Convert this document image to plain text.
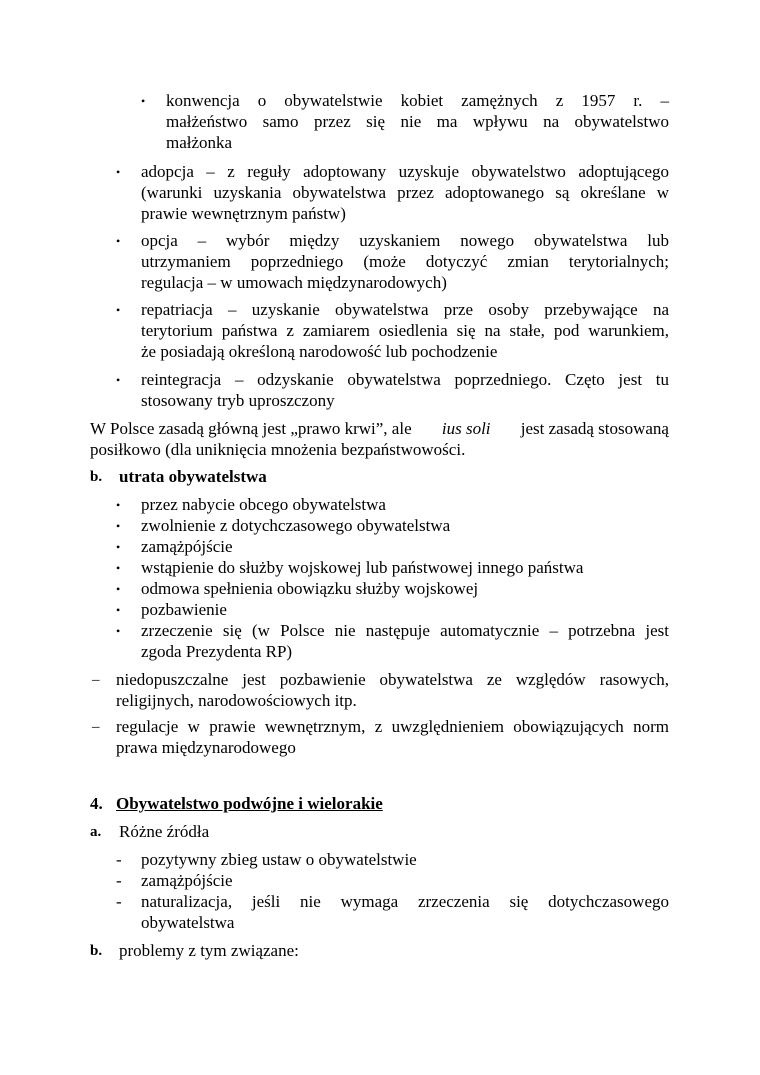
• konwencja o obywatelstwie kobiet zamężnych z 1957 r. –
małżeństwo samo przez się nie ma wpływu na obywatelstwo
małżonka
• adopcja – z reguły adoptowany uzyskuje obywatelstwo adoptującego
(warunki uzyskania obywatelstwa przez adoptowanego są określane w
prawie wewnętrznym państw)
• opcja – wybór między uzyskaniem nowego obywatelstwa lub
utrzymaniem poprzedniego (może dotyczyć zmian terytorialnych;
regulacja – w umowach międzynarodowych)
• repatriacja – uzyskanie obywatelstwa prze osoby przebywające na
terytorium państwa z zamiarem osiedlenia się na stałe, pod warunkiem,
że posiadają określoną narodowość lub pochodzenie
• reintegracja – odzyskanie obywatelstwa poprzedniego. Częto jest tu
stosowany tryb uproszczony
W Polsce zasadą główną jest „prawo krwi”, ale ius soli jest zasadą stosowaną
posiłkowo (dla uniknięcia mnożenia bezpaństwowości.
b. utrata obywatelstwa
• przez nabycie obcego obywatelstwa
• zwolnienie z dotychczasowego obywatelstwa
• zamążpójście
• wstąpienie do służby wojskowej lub państwowej innego państwa
• odmowa spełnienia obowiązku służby wojskowej
• pozbawienie
• zrzeczenie się (w Polsce nie następuje automatycznie – potrzebna jest
zgoda Prezydenta RP)
– niedopuszczalne jest pozbawienie obywatelstwa ze względów rasowych,
religijnych, narodowościowych itp.
– regulacje w prawie wewnętrznym, z uwzględnieniem obowiązujących norm
prawa międzynarodowego
4. Obywatelstwo podwójne i wielorakie
a. Różne źródła
- pozytywny zbieg ustaw o obywatelstwie
- zamążpójście
- naturalizacja, jeśli nie wymaga zrzeczenia się dotychczasowego
obywatelstwa
b. problemy z tym związane:
